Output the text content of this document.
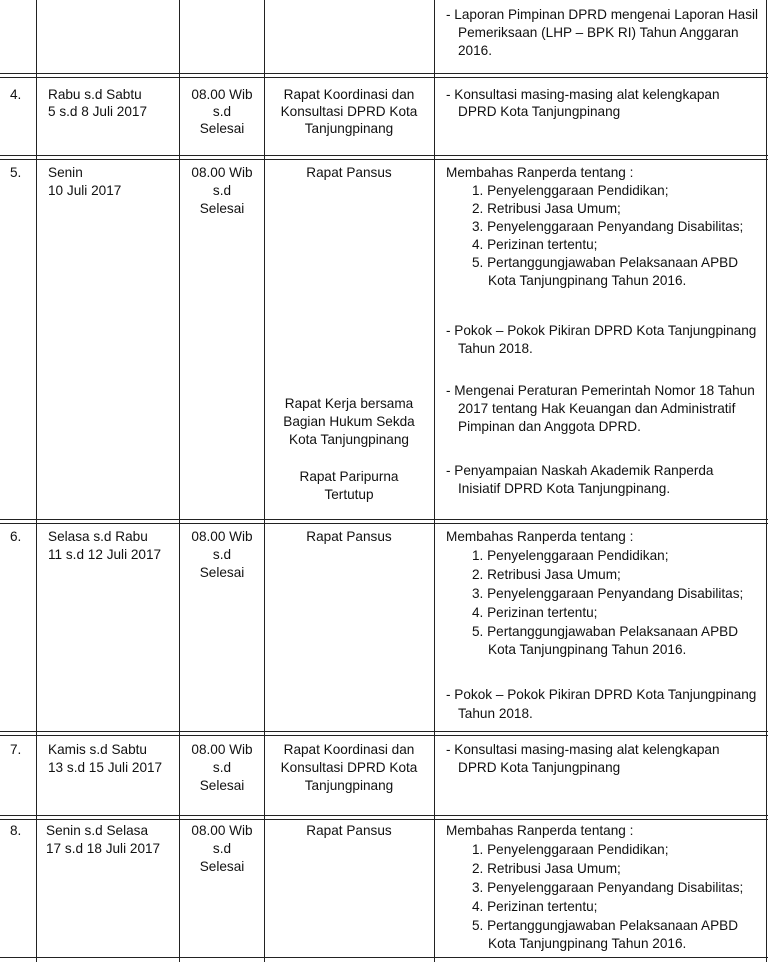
- Laporan Pimpinan DPRD mengenai Laporan Hasil
Pemeriksaan (LHP – BPK RI) Tahun Anggaran
2016.
4. Rabu s.d Sabtu
5 s.d 8 Juli 2017
08.00 Wib
s.d
Selesai
Rapat Koordinasi dan
Konsultasi DPRD Kota
Tanjungpinang
- Konsultasi masing-masing alat kelengkapan
DPRD Kota Tanjungpinang
5. Senin
10 Juli 2017
08.00 Wib
s.d
Selesai
Rapat Pansus
Rapat Kerja bersama
Bagian Hukum Sekda
Kota Tanjungpinang
Rapat Paripurna
Tertutup
Membahas Ranperda tentang :
1. Penyelenggaraan Pendidikan;
2. Retribusi Jasa Umum;
3. Penyelenggaraan Penyandang Disabilitas;
4. Perizinan tertentu;
5. Pertanggungjawaban Pelaksanaan APBD
Kota Tanjungpinang Tahun 2016.
- Pokok – Pokok Pikiran DPRD Kota Tanjungpinang
Tahun 2018.
- Mengenai Peraturan Pemerintah Nomor 18 Tahun
2017 tentang Hak Keuangan dan Administratif
Pimpinan dan Anggota DPRD.
- Penyampaian Naskah Akademik Ranperda
Inisiatif DPRD Kota Tanjungpinang.
6. Selasa s.d Rabu
11 s.d 12 Juli 2017
08.00 Wib
s.d
Selesai
Rapat Pansus	Membahas Ranperda tentang :
1. Penyelenggaraan Pendidikan;
2. Retribusi Jasa Umum;
3. Penyelenggaraan Penyandang Disabilitas;
4. Perizinan tertentu;
5. Pertanggungjawaban Pelaksanaan APBD
Kota Tanjungpinang Tahun 2016.
- Pokok – Pokok Pikiran DPRD Kota Tanjungpinang
Tahun 2018.
7. Kamis s.d Sabtu
13 s.d 15 Juli 2017
08.00 Wib
s.d
Selesai
Rapat Koordinasi dan
Konsultasi DPRD Kota
Tanjungpinang
- Konsultasi masing-masing alat kelengkapan
DPRD Kota Tanjungpinang
8. Senin s.d Selasa
17 s.d 18 Juli 2017
08.00 Wib
s.d
Selesai
Rapat Pansus	Membahas Ranperda tentang :
1. Penyelenggaraan Pendidikan;
2. Retribusi Jasa Umum;
3. Penyelenggaraan Penyandang Disabilitas;
4. Perizinan tertentu;
5. Pertanggungjawaban Pelaksanaan APBD
Kota Tanjungpinang Tahun 2016.
